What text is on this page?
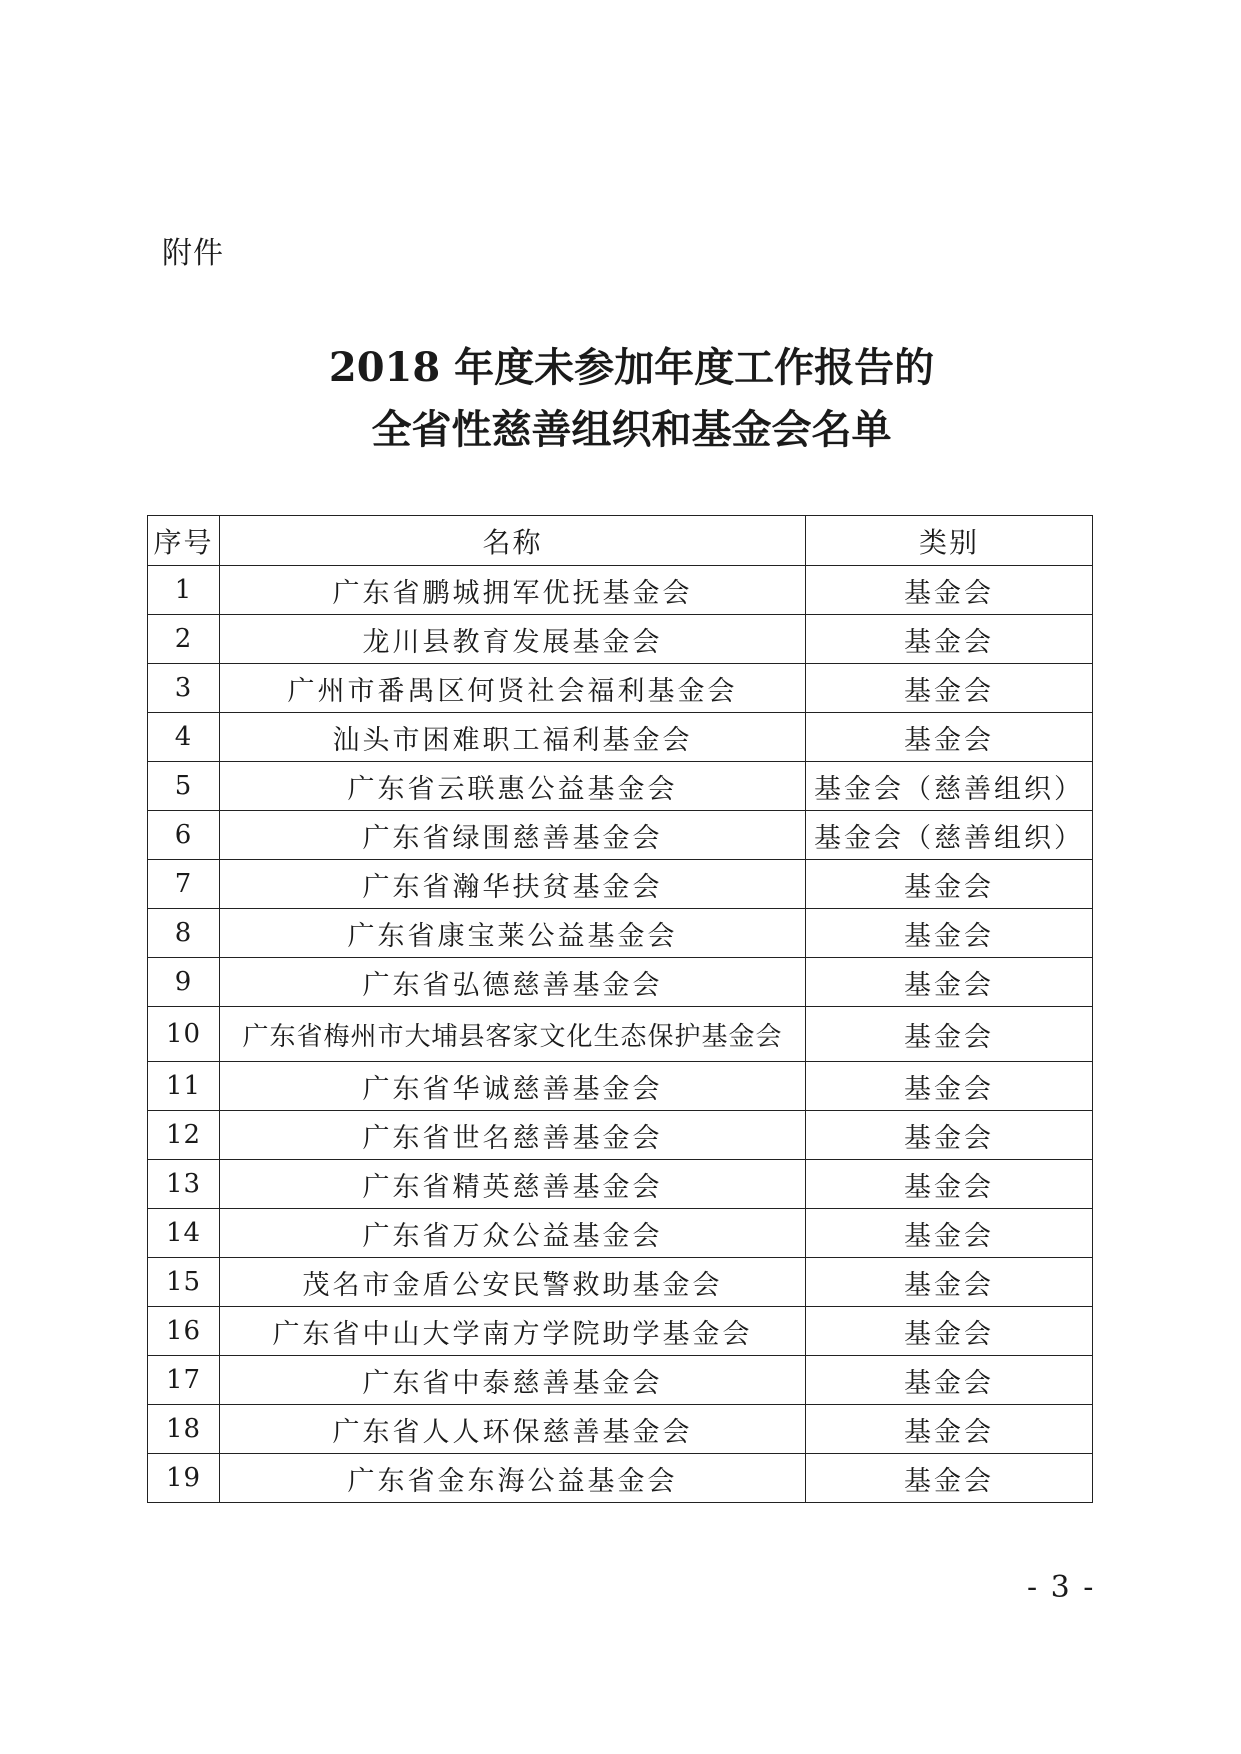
附件
2018 年度未参加年度工作报告的
全省性慈善组织和基金会名单
序号	名称	类别
1	广东省鹏城拥军优抚基金会	基金会
2	龙川县教育发展基金会	基金会
3	广州市番禺区何贤社会福利基金会	基金会
4	汕头市困难职工福利基金会	基金会
5	广东省云联惠公益基金会	基金会（慈善组织）
6	广东省绿围慈善基金会	基金会（慈善组织）
7	广东省瀚华扶贫基金会	基金会
8	广东省康宝莱公益基金会	基金会
9	广东省弘德慈善基金会	基金会
10	广东省梅州市大埔县客家文化生态保护基金会	基金会
11	广东省华诚慈善基金会	基金会
12	广东省世名慈善基金会	基金会
13	广东省精英慈善基金会	基金会
14	广东省万众公益基金会	基金会
15	茂名市金盾公安民警救助基金会	基金会
16	广东省中山大学南方学院助学基金会	基金会
17	广东省中泰慈善基金会	基金会
18	广东省人人环保慈善基金会	基金会
19	广东省金东海公益基金会	基金会
- 3 -
